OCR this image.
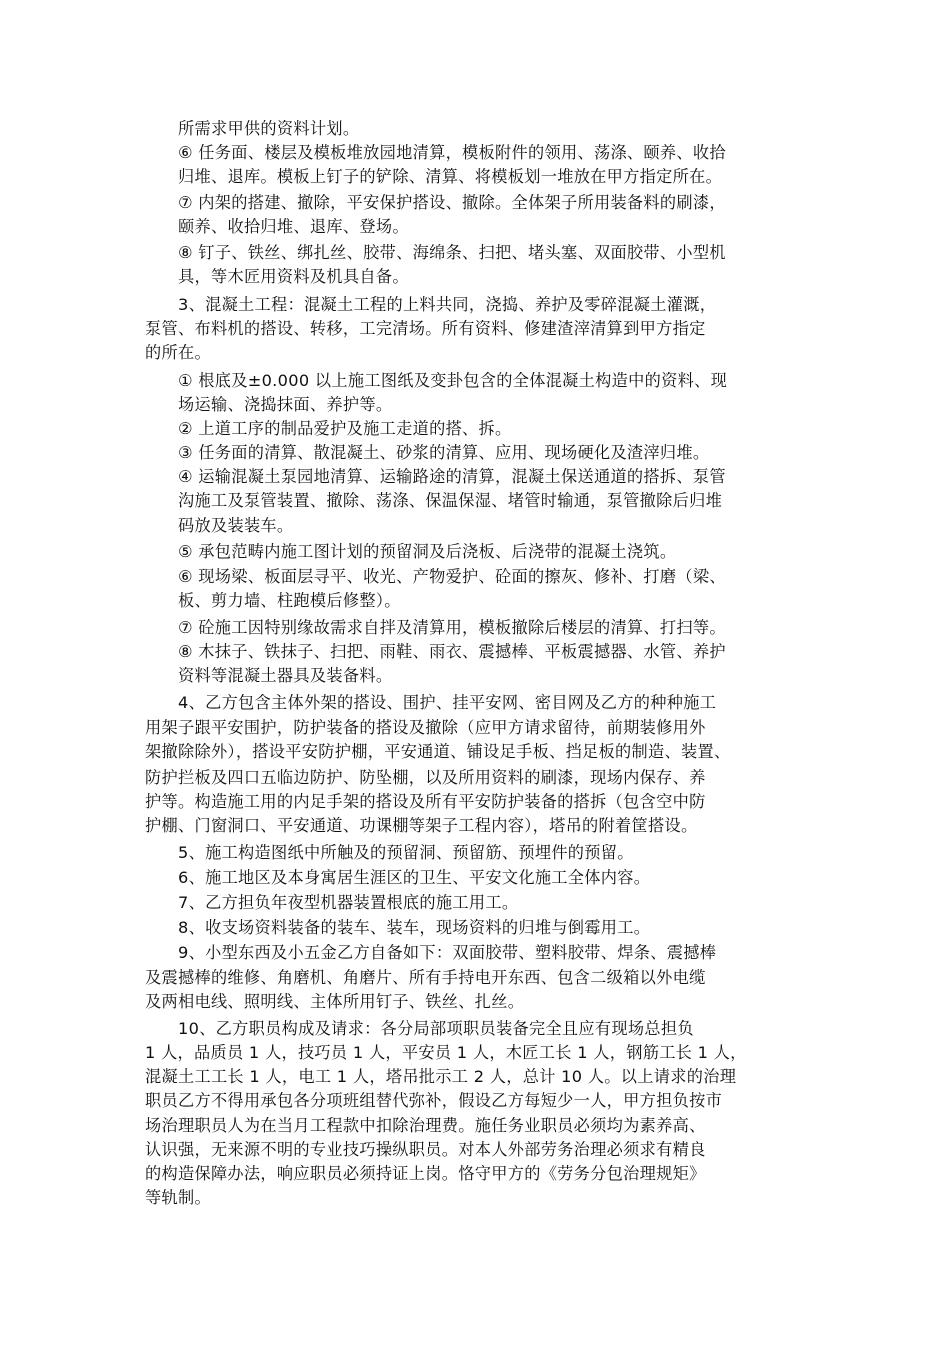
所需求甲供的资料计划。
⑥ 任务面、楼层及模板堆放园地清算，模板附件的领用、荡涤、颐养、收拾
归堆、退库。模板上钉子的铲除、清算、将模板划一堆放在甲方指定所在。
⑦ 内架的搭建、撤除，平安保护搭设、撤除。全体架子所用装备料的刷漆，
颐养、收拾归堆、退库、登场。
⑧ 钉子、铁丝、绑扎丝、胶带、海绵条、扫把、堵头塞、双面胶带、小型机
具，等木匠用资料及机具自备。
3、混凝土工程：混凝土工程的上料共同，浇捣、养护及零碎混凝土灌溉，
泵管、布料机的搭设、转移，工完清场。所有资料、修建渣滓清算到甲方指定
的所在。
① 根底及±0.000 以上施工图纸及变卦包含的全体混凝土构造中的资料、现
场运输、浇捣抹面、养护等。
② 上道工序的制品爱护及施工走道的搭、拆。
③ 任务面的清算、散混凝土、砂浆的清算、应用、现场硬化及渣滓归堆。
④ 运输混凝土泵园地清算、运输路途的清算，混凝土保送通道的搭拆、泵管
沟施工及泵管装置、撤除、荡涤、保温保湿、堵管时输通，泵管撤除后归堆
码放及装装车。
⑤ 承包范畴内施工图计划的预留洞及后浇板、后浇带的混凝土浇筑。
⑥ 现场梁、板面层寻平、收光、产物爱护、砼面的擦灰、修补、打磨（梁、
板、剪力墙、柱跑模后修整）。
⑦ 砼施工因特别缘故需求自拌及清算用，模板撤除后楼层的清算、打扫等。
⑧ 木抹子、铁抹子、扫把、雨鞋、雨衣、震撼棒、平板震撼器、水管、养护
资料等混凝土器具及装备料。
4、乙方包含主体外架的搭设、围护、挂平安网、密目网及乙方的种种施工
用架子跟平安围护，防护装备的搭设及撤除（应甲方请求留待，前期装修用外
架撤除除外），搭设平安防护棚，平安通道、铺设足手板、挡足板的制造、装置、
防护拦板及四口五临边防护、防坠棚，以及所用资料的刷漆，现场内保存、养
护等。构造施工用的内足手架的搭设及所有平安防护装备的搭拆（包含空中防
护棚、门窗洞口、平安通道、功课棚等架子工程内容），塔吊的附着筐搭设。
5、施工构造图纸中所触及的预留洞、预留筋、预埋件的预留。
6、施工地区及本身寓居生涯区的卫生、平安文化施工全体内容。
7、乙方担负年夜型机器装置根底的施工用工。
8、收支场资料装备的装车、装车，现场资料的归堆与倒霉用工。
9、小型东西及小五金乙方自备如下：双面胶带、塑料胶带、焊条、震撼棒
及震撼棒的维修、角磨机、角磨片、所有手持电开东西、包含二级箱以外电缆
及两相电线、照明线、主体所用钉子、铁丝、扎丝。
10、乙方职员构成及请求：各分局部项职员装备完全且应有现场总担负
1 人，品质员 1 人，技巧员 1 人，平安员 1 人，木匠工长 1 人，钢筋工长 1 人，
混凝土工工长 1 人，电工 1 人，塔吊批示工 2 人，总计 10 人。以上请求的治理
职员乙方不得用承包各分项班组替代弥补，假设乙方每短少一人，甲方担负按市
场治理职员人为在当月工程款中扣除治理费。施任务业职员必须均为素养高、
认识强，无来源不明的专业技巧操纵职员。对本人外部劳务治理必须求有精良
的构造保障办法，响应职员必须持证上岗。恪守甲方的《劳务分包治理规矩》
等轨制。
